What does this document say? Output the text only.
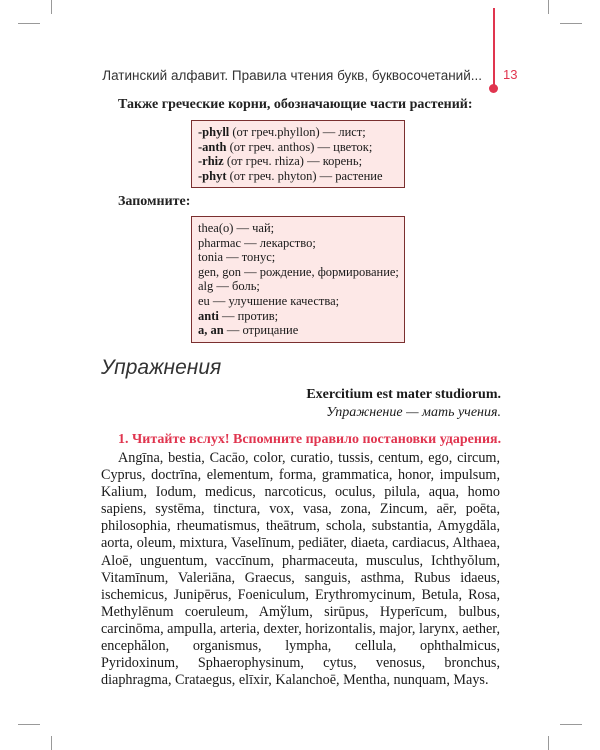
Латинский алфавит. Правила чтения букв, буквосочетаний... 13
Также греческие корни, обозначающие части растений:
-phyll (от греч.phyllon) — лист;
-anth (от греч. anthos) — цветок;
-rhiz (от греч. rhiza) — корень;
-phyt (от греч. phyton) — растение
Запомните:
thea(o) — чай;
pharmac — лекарство;
tonia — тонус;
gen, gon — рождение, формирование;
alg — боль;
eu — улучшение качества;
anti — против;
a, an — отрицание
Упражнения
Exercitium est mater studiorum.
Упражнение — мать учения.
1. Читайте вслух! Вспомните правило постановки ударения.
Angīna, bestia, Cacāo, color, curatio, tussis, centum, ego, circum, Cyprus, doctrīna, elementum, forma, grammatica, honor, impulsum, Kalium, Iodum, medicus, narcoticus, oculus, pilula, aqua, homo sapiens, systēma, tinctura, vox, vasa, zona, Zincum, aēr, poēta, philosophia, rheumatismus, theātrum, schola, substantia, Amygdăla, aorta, oleum, mixtura, Vaselīnum, pediāter, diaeta, cardiacus, Althaea, Aloē, unguentum, vaccīnum, pharmaceuta, musculus, Ichthyŏlum, Vitamīnum, Valeriāna, Graecus, sanguis, asthma, Rubus idaeus, ischemicus, Junipērus, Foeniculum, Erythromycinum, Betula, Rosa, Methylēnum coeruleum, Amўlum, sirūpus, Hyperīcum, bulbus, carcinōma, ampulla, arteria, dexter, horizontalis, major, larynx, aether, encephălon, organismus, lympha, cellula, ophthalmicus, Pyridoxinum, Sphaerophysinum, cytus, venosus, bronchus, diaphragma, Crataegus, elīxir, Kalanchoē, Mentha, nunquam, Mays.
